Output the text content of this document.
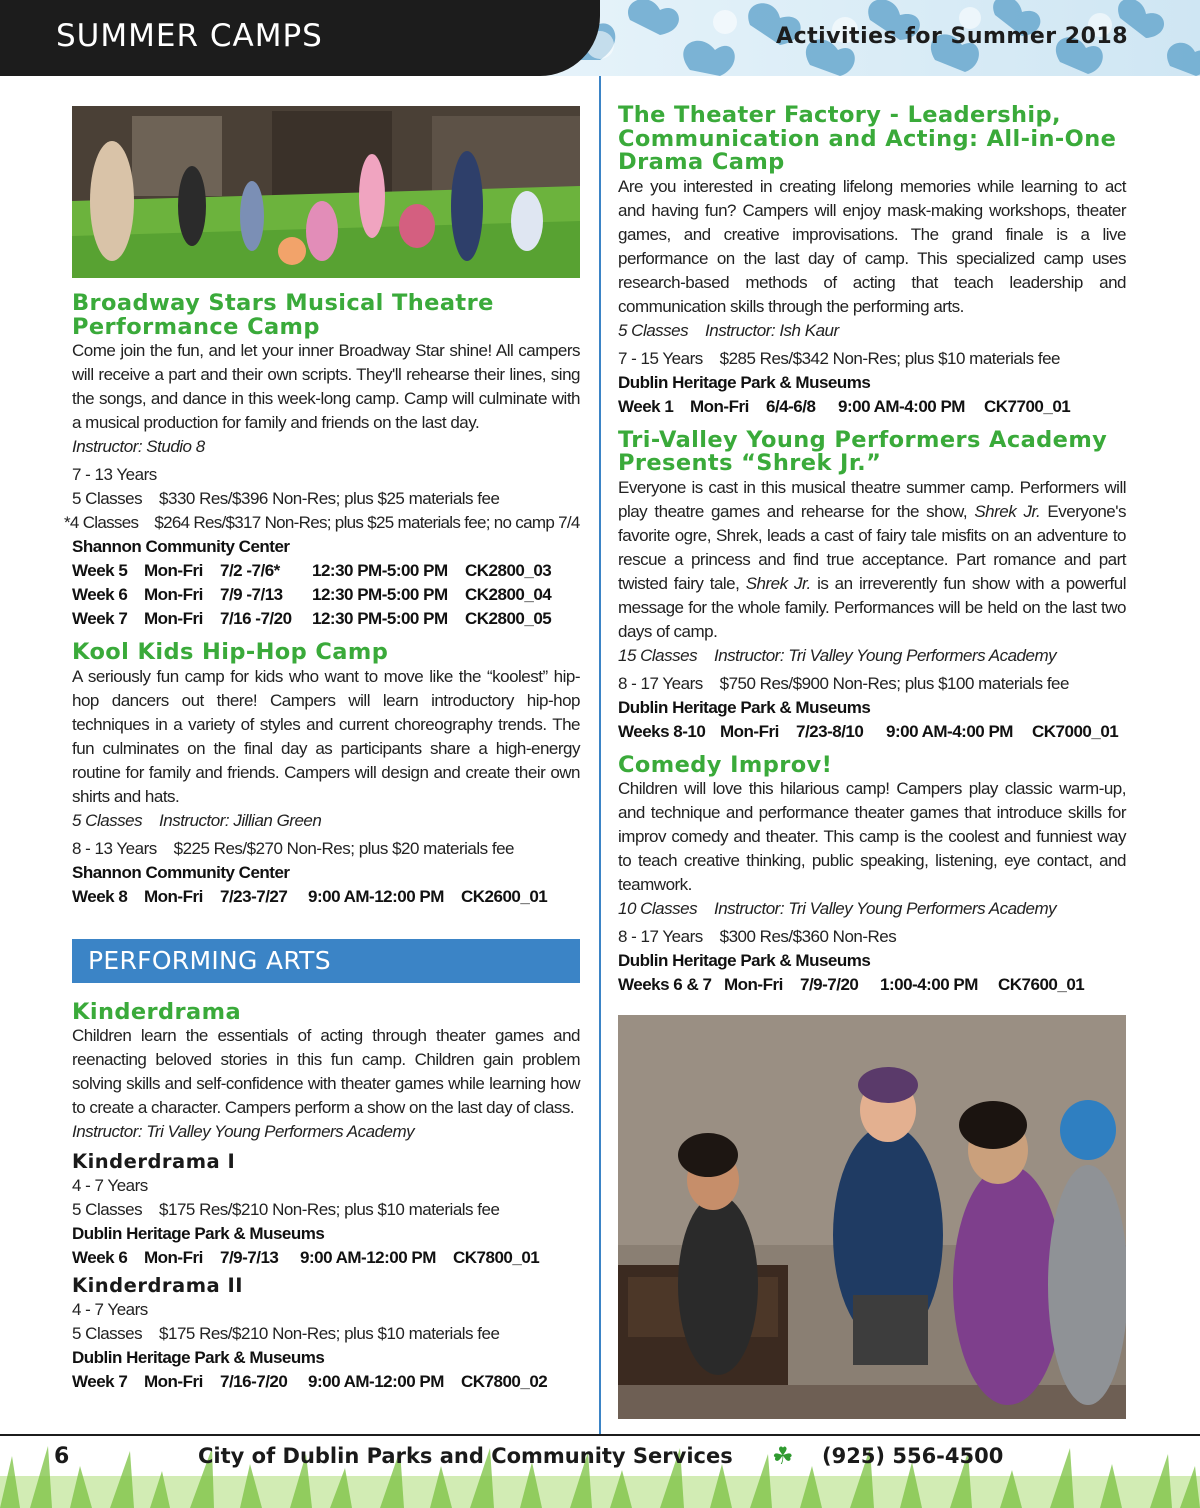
SUMMER CAMPS	Activities for Summer 2018
Broadway Stars Musical Theatre
Performance Camp

Come join the fun, and let your inner Broadway Star shine! All campers will receive a part and their own scripts. They'll rehearse their lines, sing the songs, and dance in this week-long camp. Camp will culminate with a musical production for family and friends on the last day.

Instructor: Studio 8

7 - 13 Years

5 Classes    $330 Res/$396 Non-Res; plus $25 materials fee

*4 Classes    $264 Res/$317 Non-Res; plus $25 materials fee; no camp 7/4

Shannon Community Center

Week 5 Mon-Fri 7/2 -7/6* 12:30 PM-5:00 PM CK2800_03

Week 6 Mon-Fri 7/9 -7/13 12:30 PM-5:00 PM CK2800_04

Week 7 Mon-Fri 7/16 -7/20 12:30 PM-5:00 PM CK2800_05

Kool Kids Hip-Hop Camp

A seriously fun camp for kids who want to move like the “koolest” hip-hop dancers out there! Campers will learn introductory hip-hop techniques in a variety of styles and current choreography trends. The fun culminates on the final day as participants share a high-energy routine for family and friends. Campers will design and create their own shirts and hats.

5 Classes    Instructor: Jillian Green

8 - 13 Years    $225 Res/$270 Non-Res; plus $20 materials fee

Shannon Community Center

Week 8 Mon-Fri 7/23-7/27 9:00 AM-12:00 PM CK2600_01

PERFORMING ARTS
Kinderdrama

Children learn the essentials of acting through theater games and reenacting beloved stories in this fun camp. Children gain problem solving skills and self-confidence with theater games while learning how to create a character. Campers perform a show on the last day of class.

Instructor: Tri Valley Young Performers Academy

Kinderdrama I

4 - 7 Years

5 Classes    $175 Res/$210 Non-Res; plus $10 materials fee

Dublin Heritage Park & Museums

Week 6 Mon-Fri 7/9-7/13 9:00 AM-12:00 PM CK7800_01

Kinderdrama II

4 - 7 Years

5 Classes    $175 Res/$210 Non-Res; plus $10 materials fee

Dublin Heritage Park & Museums

Week 7 Mon-Fri 7/16-7/20 9:00 AM-12:00 PM CK7800_02

The Theater Factory - Leadership,
Communication and Acting: All-in-One
Drama Camp

Are you interested in creating lifelong memories while learning to act and having fun? Campers will enjoy mask-making workshops, theater games, and creative improvisations. The grand finale is a live performance on the last day of camp. This specialized camp uses research-based methods of acting that teach leadership and communication skills through the performing arts.

5 Classes    Instructor: Ish Kaur

7 - 15 Years    $285 Res/$342 Non-Res; plus $10 materials fee

Dublin Heritage Park & Museums

Week 1 Mon-Fri 6/4-6/8 9:00 AM-4:00 PM CK7700_01

Tri-Valley Young Performers Academy
Presents “Shrek Jr.”

Everyone is cast in this musical theatre summer camp. Performers will play theatre games and rehearse for the show, Shrek Jr. Everyone's favorite ogre, Shrek, leads a cast of fairy tale misfits on an adventure to rescue a princess and find true acceptance. Part romance and part twisted fairy tale, Shrek Jr. is an irreverently fun show with a powerful message for the whole family. Performances will be held on the last two days of camp.

15 Classes    Instructor: Tri Valley Young Performers Academy

8 - 17 Years    $750 Res/$900 Non-Res; plus $100 materials fee

Dublin Heritage Park & Museums

Weeks 8-10 Mon-Fri 7/23-8/10 9:00 AM-4:00 PM CK7000_01

Comedy Improv!

Children will love this hilarious camp! Campers play classic warm-up, and technique and performance theater games that introduce skills for improv comedy and theater. This camp is the coolest and funniest way to teach creative thinking, public speaking, listening, eye contact, and teamwork.

10 Classes    Instructor: Tri Valley Young Performers Academy

8 - 17 Years    $300 Res/$360 Non-Res

Dublin Heritage Park & Museums

Weeks 6 & 7 Mon-Fri 7/9-7/20 1:00-4:00 PM CK7600_01

6	City of Dublin Parks and Community Services ☘ (925) 556-4500
